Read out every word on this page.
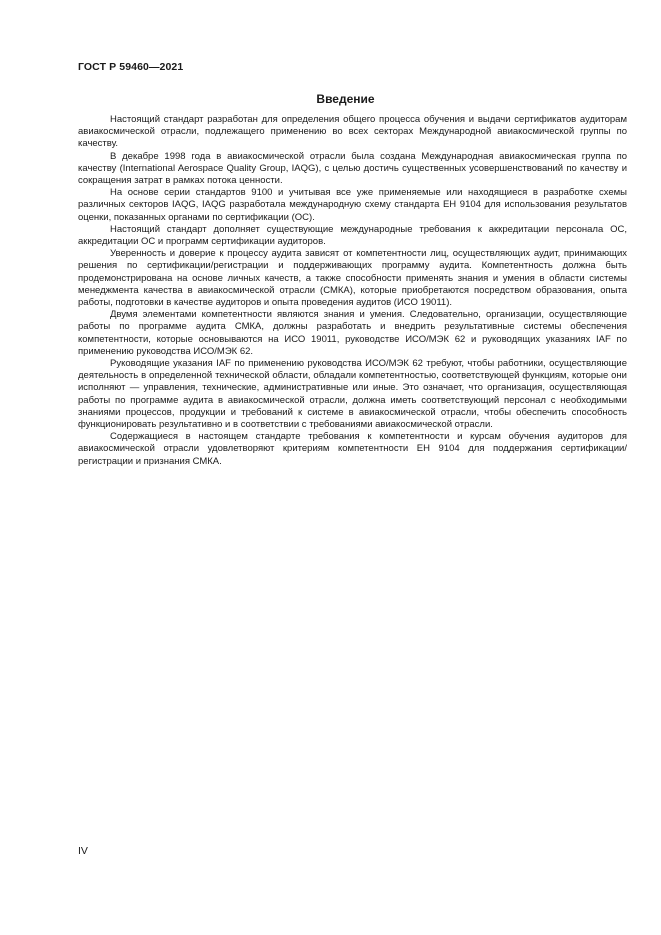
ГОСТ Р 59460—2021
Введение

Настоящий стандарт разработан для определения общего процесса обучения и выдачи сертификатов аудиторам авиакосмической отрасли, подлежащего применению во всех секторах Международной авиакосмической группы по качеству.

В декабре 1998 года в авиакосмической отрасли была создана Международная авиакосмическая группа по качеству (International Aerospace Quality Group, IAQG), с целью достичь существенных усовершенствований по качеству и сокращения затрат в рамках потока ценности.

На основе серии стандартов 9100 и учитывая все уже применяемые или находящиеся в разработке схемы различных секторов IAQG, IAQG разработала международную схему стандарта ЕН 9104 для использования результатов оценки, показанных органами по сертификации (ОС).

Настоящий стандарт дополняет существующие международные требования к аккредитации персонала ОС, аккредитации ОС и программ сертификации аудиторов.

Уверенность и доверие к процессу аудита зависят от компетентности лиц, осуществляющих аудит, принимающих решения по сертификации/регистрации и поддерживающих программу аудита. Компетентность должна быть продемонстрирована на основе личных качеств, а также способности применять знания и умения в области системы менеджмента качества в авиакосмической отрасли (СМКА), которые приобретаются посредством образования, опыта работы, подготовки в качестве аудиторов и опыта проведения аудитов (ИСО 19011).

Двумя элементами компетентности являются знания и умения. Следовательно, организации, осуществляющие работы по программе аудита СМКА, должны разработать и внедрить результативные системы обеспечения компетентности, которые основываются на ИСО 19011, руководстве ИСО/МЭК 62 и руководящих указаниях IAF по применению руководства ИСО/МЭК 62.

Руководящие указания IAF по применению руководства ИСО/МЭК 62 требуют, чтобы работники, осуществляющие деятельность в определенной технической области, обладали компетентностью, соответствующей функциям, которые они исполняют — управления, технические, административные или иные. Это означает, что организация, осуществляющая работы по программе аудита в авиакосмической отрасли, должна иметь соответствующий персонал с необходимыми знаниями процессов, продукции и требований к системе в авиакосмической отрасли, чтобы обеспечить способность функционировать результативно и в соответствии с требованиями авиакосмической отрасли.

Содержащиеся в настоящем стандарте требования к компетентности и курсам обучения аудиторов для авиакосмической отрасли удовлетворяют критериям компетентности ЕН 9104 для поддержания сертификации/регистрации и признания СМКА.

IV
